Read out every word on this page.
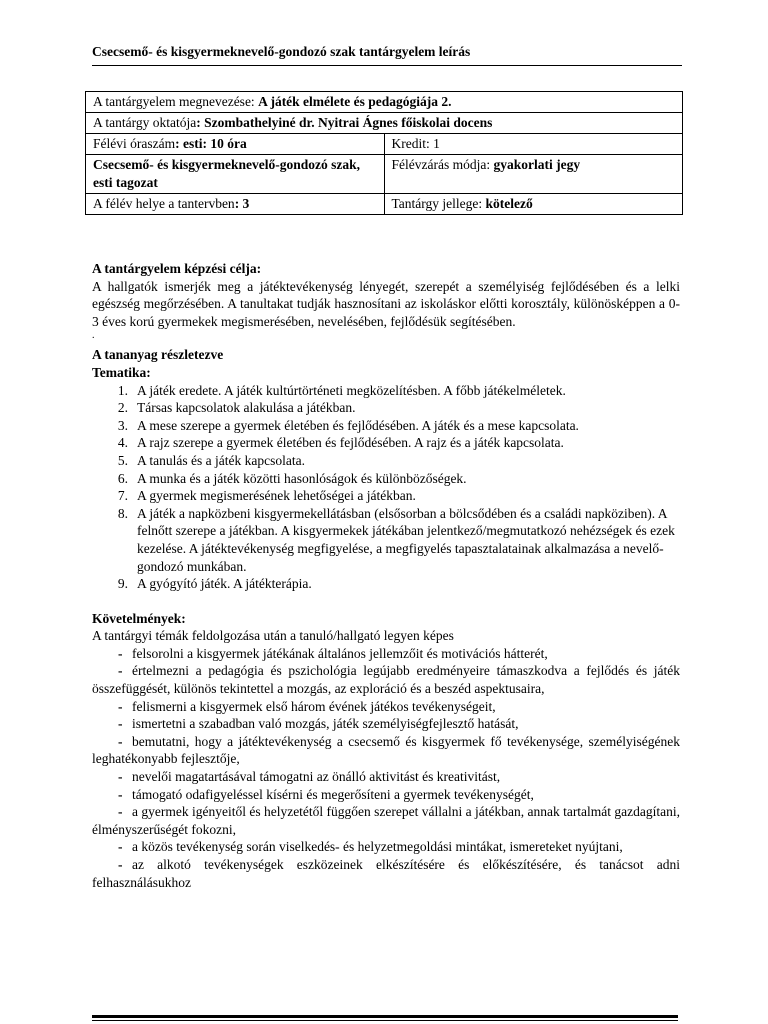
Csecsemő- és kisgyermeknevelő-gondozó szak tantárgyelem leírás
A tantárgyelem megnevezése: A játék elmélete és pedagógiája 2.	
A tantárgy oktatója: Szombathelyiné dr. Nyitrai Ágnes főiskolai docens	
Félévi óraszám: esti: 10 óra	Kredit: 1
Csecsemő- és kisgyermeknevelő-gondozó szak, esti tagozat	Félévzárás módja: gyakorlati jegy
A félév helye a tantervben: 3	Tantárgy jellege: kötelező

A tantárgyelem képzési célja:

A hallgatók ismerjék meg a játéktevékenység lényegét, szerepét a személyiség fejlődésében és a lelki egészség megőrzésében. A tanultakat tudják hasznosítani az iskoláskor előtti korosztály, különösképpen a 0-3 éves korú gyermekek megismerésében, nevelésében, fejlődésük segítésében.

.

A tananyag részletezve

Tematika:

1. A játék eredete. A játék kultúrtörténeti megközelítésben. A főbb játékelméletek.
2. Társas kapcsolatok alakulása a játékban.
3. A mese szerepe a gyermek életében és fejlődésében. A játék és a mese kapcsolata.
4. A rajz szerepe a gyermek életében és fejlődésében. A rajz és a játék kapcsolata.
5. A tanulás és a játék kapcsolata.
6. A munka és a játék közötti hasonlóságok és különbözőségek.
7. A gyermek megismerésének lehetőségei a játékban.
8. A játék a napközbeni kisgyermekellátásban (elsősorban a bölcsődében és a családi napköziben). A felnőtt szerepe a játékban. A kisgyermekek játékában jelentkező/megmutatkozó nehézségek és ezek kezelése. A játéktevékenység megfigyelése, a megfigyelés tapasztalatainak alkalmazása a nevelő-gondozó munkában.
9. A gyógyító játék. A játékterápia.

Követelmények:

A tantárgyi témák feldolgozása után a tanuló/hallgató legyen képes

- felsorolni a kisgyermek játékának általános jellemzőit és motivációs hátterét,
- értelmezni a pedagógia és pszichológia legújabb eredményeire támaszkodva a fejlődés és játék összefüggését, különös tekintettel a mozgás, az exploráció és a beszéd aspektusaira,
- felismerni a kisgyermek első három évének játékos tevékenységeit,
- ismertetni a szabadban való mozgás, játék személyiségfejlesztő hatását,
- bemutatni, hogy a játéktevékenység a csecsemő és kisgyermek fő tevékenysége, személyiségének leghatékonyabb fejlesztője,
- nevelői magatartásával támogatni az önálló aktivitást és kreativitást,
- támogató odafigyeléssel kísérni és megerősíteni a gyermek tevékenységét,
- a gyermek igényeitől és helyzetétől függően szerepet vállalni a játékban, annak tartalmát gazdagítani, élményszerűségét fokozni,
- a közös tevékenység során viselkedés- és helyzetmegoldási mintákat, ismereteket nyújtani,
- az alkotó tevékenységek eszközeinek elkészítésére és előkészítésére, és tanácsot adni felhasználásukhoz
